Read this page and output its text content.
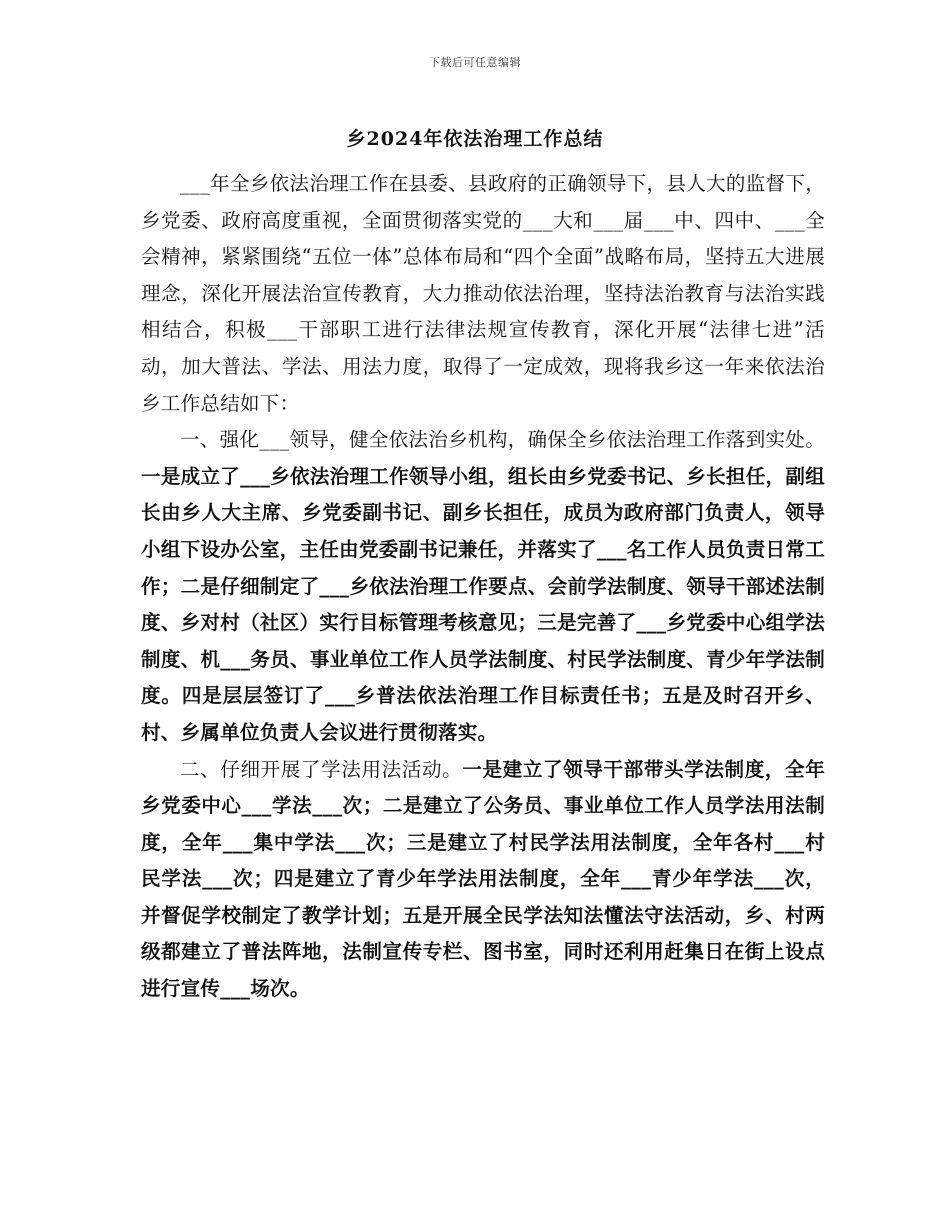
下载后可任意编辑
乡2024年依法治理工作总结

___年全乡依法治理工作在县委、县政府的正确领导下，县人大的监督下，乡党委、政府高度重视，全面贯彻落实党的___大和___届___中、四中、___全会精神，紧紧围绕“五位一体”总体布局和“四个全面”战略布局，坚持五大进展理念，深化开展法治宣传教育，大力推动依法治理，坚持法治教育与法治实践相结合，积极___干部职工进行法律法规宣传教育，深化开展“法律七进”活动，加大普法、学法、用法力度，取得了一定成效，现将我乡这一年来依法治乡工作总结如下：

一、强化___领导，健全依法治乡机构，确保全乡依法治理工作落到实处。一是成立了___乡依法治理工作领导小组，组长由乡党委书记、乡长担任，副组长由乡人大主席、乡党委副书记、副乡长担任，成员为政府部门负责人，领导小组下设办公室，主任由党委副书记兼任，并落实了___名工作人员负责日常工作；二是仔细制定了___乡依法治理工作要点、会前学法制度、领导干部述法制度、乡对村（社区）实行目标管理考核意见；三是完善了___乡党委中心组学法制度、机___务员、事业单位工作人员学法制度、村民学法制度、青少年学法制度。四是层层签订了___乡普法依法治理工作目标责任书；五是及时召开乡、村、乡属单位负责人会议进行贯彻落实。

二、仔细开展了学法用法活动。一是建立了领导干部带头学法制度，全年乡党委中心___学法___次；二是建立了公务员、事业单位工作人员学法用法制度，全年___集中学法___次；三是建立了村民学法用法制度，全年各村___村民学法___次；四是建立了青少年学法用法制度，全年___青少年学法___次，并督促学校制定了教学计划；五是开展全民学法知法懂法守法活动，乡、村两级都建立了普法阵地，法制宣传专栏、图书室，同时还利用赶集日在街上设点进行宣传___场次。
